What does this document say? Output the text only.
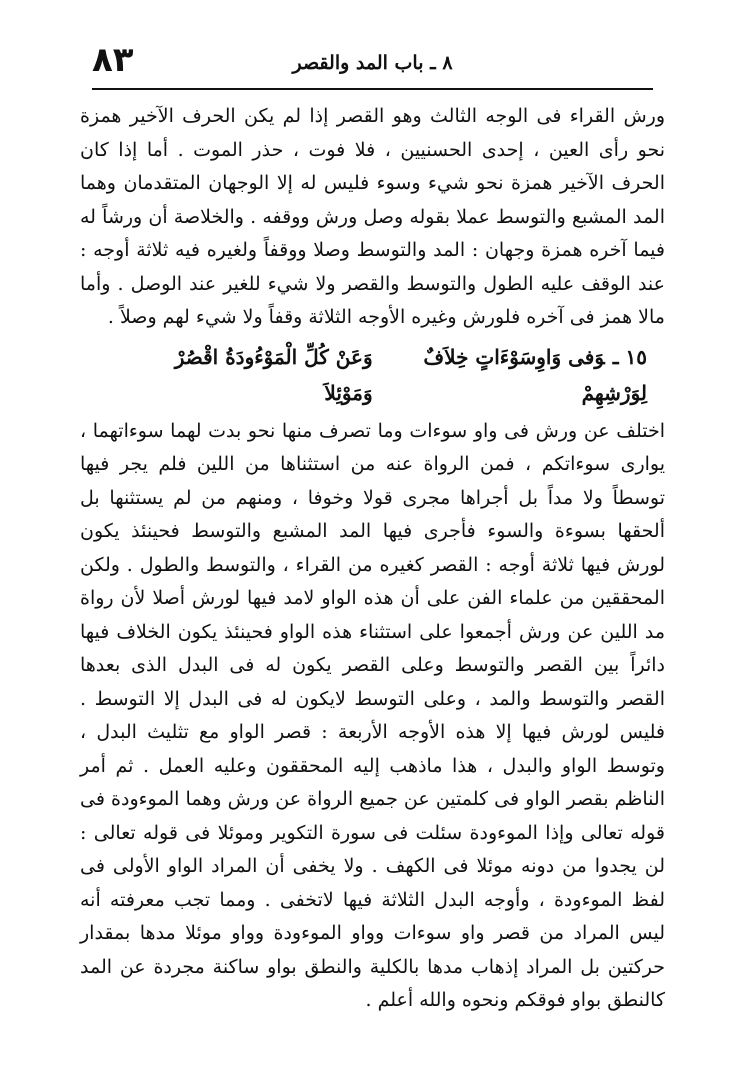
٨٣	٨ ـ باب المد والقصر

ورش القراء فى الوجه الثالث وهو القصر إذا لم يكن الحرف الآخير همزة نحو رأى العين ، إحدى الحسنيين ، فلا فوت ، حذر الموت . أما إذا كان الحرف الآخير همزة نحو شيء وسوء فليس له إلا الوجهان المتقدمان وهما المد المشبع والتوسط عملا بقوله وصل ورش ووقفه . والخلاصة أن ورشاً له فيما آخره همزة وجهان : المد والتوسط وصلا ووقفاً ولغيره فيه ثلاثة أوجه : عند الوقف عليه الطول والتوسط والقصر ولا شيء للغير عند الوصل . وأما مالا همز فى آخره فلورش وغيره الأوجه الثلاثة وقفاً ولا شيء لهم وصلاً .

١٥ ـوَفى وَاوِسَوْءَاتٍ خِلاَفٌ لِوَرْشِهِمْ
وَعَنْ كُلِّ الْمَوْءُودَةُ اقْصُرْ وَمَوْئِلاَ

اختلف عن ورش فى واو سوءات وما تصرف منها نحو بدت لهما سوءاتهما ، يوارى سوءاتكم ، فمن الرواة عنه من استثناها من اللين فلم يجر فيها توسطاً ولا مداً بل أجراها مجرى قولا وخوفا ، ومنهم من لم يستثنها بل ألحقها بسوءة والسوء فأجرى فيها المد المشبع والتوسط فحينئذ يكون لورش فيها ثلاثة أوجه : القصر كغيره من القراء ، والتوسط والطول . ولكن المحققين من علماء الفن على أن هذه الواو لامد فيها لورش أصلا لأن رواة مد اللين عن ورش أجمعوا على استثناء هذه الواو فحينئذ يكون الخلاف فيها دائراً بين القصر والتوسط وعلى القصر يكون له فى البدل الذى بعدها القصر والتوسط والمد ، وعلى التوسط لايكون له فى البدل إلا التوسط . فليس لورش فيها إلا هذه الأوجه الأربعة : قصر الواو مع تثليث البدل ، وتوسط الواو والبدل ، هذا ماذهب إليه المحققون وعليه العمل . ثم أمر الناظم بقصر الواو فى كلمتين عن جميع الرواة عن ورش وهما الموءودة فى قوله تعالى وإذا الموءودة سئلت فى سورة التكوير وموئلا فى قوله تعالى : لن يجدوا من دونه موئلا فى الكهف . ولا يخفى أن المراد الواو الأولى فى لفظ الموءودة ، وأوجه البدل الثلاثة فيها لاتخفى . ومما تجب معرفته أنه ليس المراد من قصر واو سوءات وواو الموءودة وواو موئلا مدها بمقدار حركتين بل المراد إذهاب مدها بالكلية والنطق بواو ساكنة مجردة عن المد كالنطق بواو فوقكم ونحوه والله أعلم .
